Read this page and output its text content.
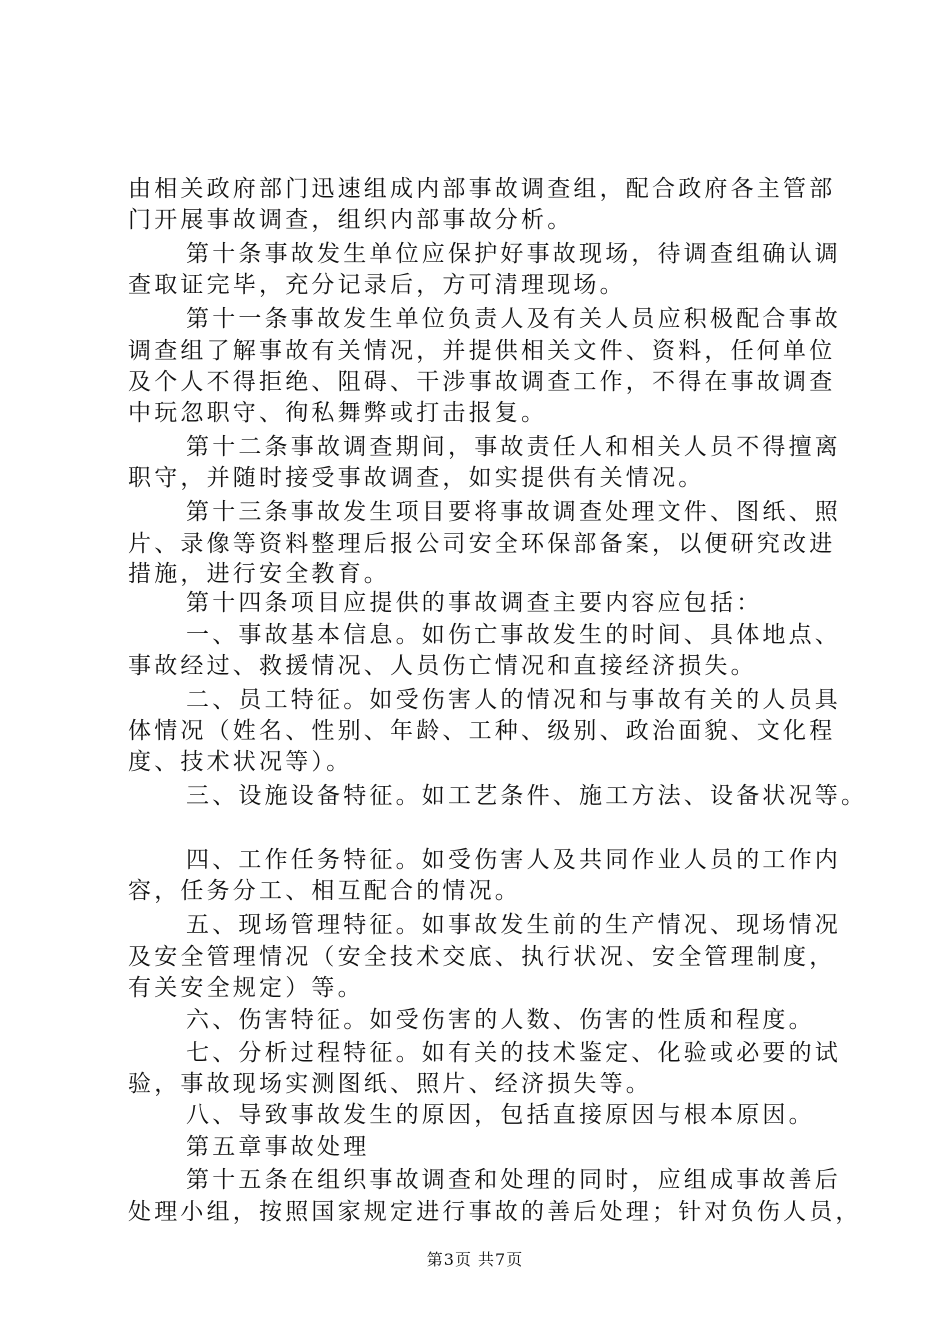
由相关政府部门迅速组成内部事故调查组，配合政府各主管部
门开展事故调查，组织内部事故分析。
第十条事故发生单位应保护好事故现场，待调查组确认调
查取证完毕，充分记录后，方可清理现场。
第十一条事故发生单位负责人及有关人员应积极配合事故
调查组了解事故有关情况，并提供相关文件、资料，任何单位
及个人不得拒绝、阻碍、干涉事故调查工作，不得在事故调查
中玩忽职守、徇私舞弊或打击报复。
第十二条事故调查期间，事故责任人和相关人员不得擅离
职守，并随时接受事故调查，如实提供有关情况。
第十三条事故发生项目要将事故调查处理文件、图纸、照
片、录像等资料整理后报公司安全环保部备案，以便研究改进
措施，进行安全教育。
第十四条项目应提供的事故调查主要内容应包括：
一、事故基本信息。如伤亡事故发生的时间、具体地点、
事故经过、救援情况、人员伤亡情况和直接经济损失。
二、员工特征。如受伤害人的情况和与事故有关的人员具
体情况（姓名、性别、年龄、工种、级别、政治面貌、文化程
度、技术状况等）。
三、设施设备特征。如工艺条件、施工方法、设备状况等。
四、工作任务特征。如受伤害人及共同作业人员的工作内
容，任务分工、相互配合的情况。
五、现场管理特征。如事故发生前的生产情况、现场情况
及安全管理情况（安全技术交底、执行状况、安全管理制度，
有关安全规定）等。
六、伤害特征。如受伤害的人数、伤害的性质和程度。
七、分析过程特征。如有关的技术鉴定、化验或必要的试
验，事故现场实测图纸、照片、经济损失等。
八、导致事故发生的原因，包括直接原因与根本原因。
第五章事故处理
第十五条在组织事故调查和处理的同时，应组成事故善后
处理小组，按照国家规定进行事故的善后处理；针对负伤人员，
第3页 共7页
